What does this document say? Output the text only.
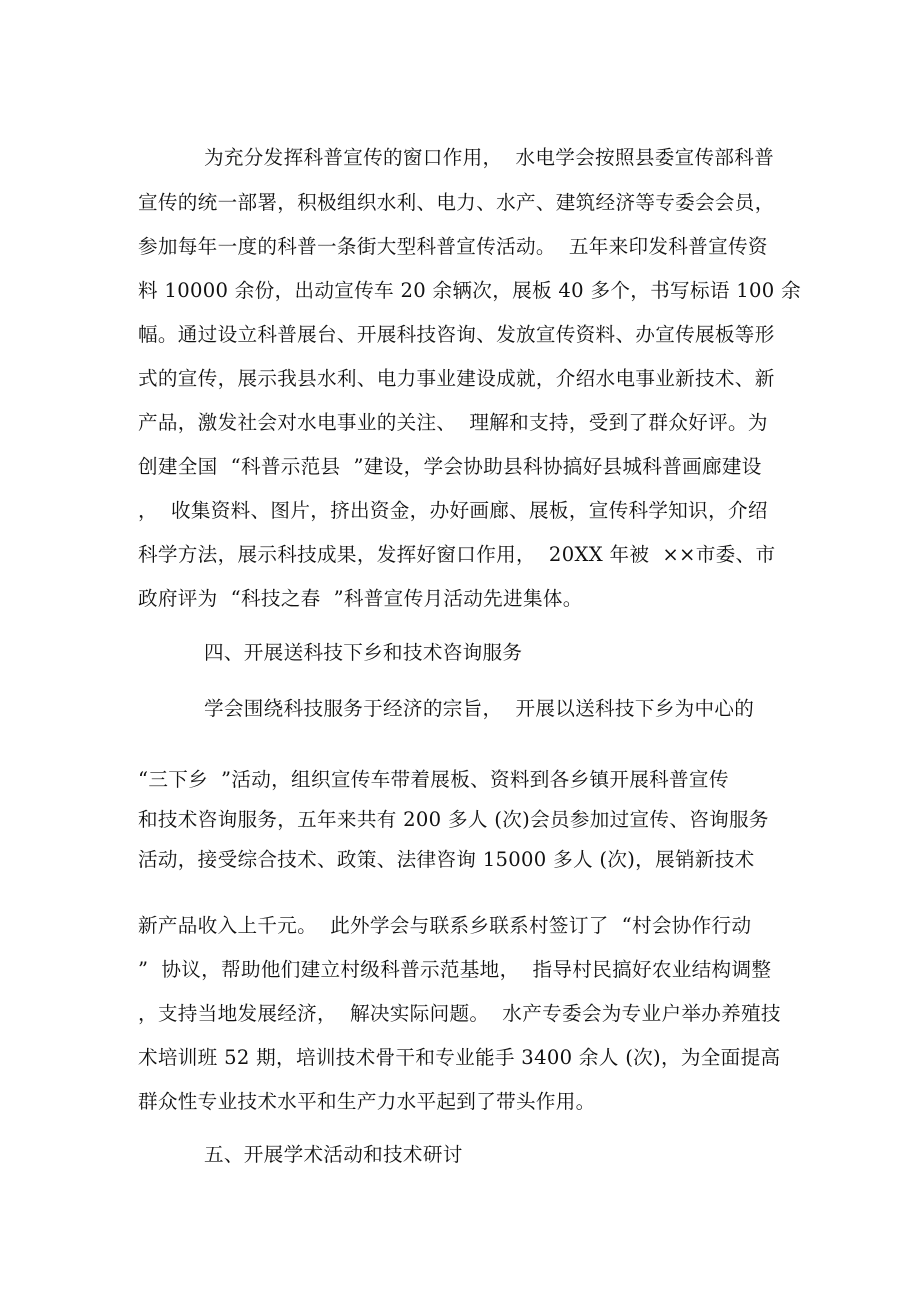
为充分发挥科普宣传的窗口作用，  水电学会按照县委宣传部科普
宣传的统一部署，积极组织水利、电力、水产、建筑经济等专委会会员，
参加每年一度的科普一条街大型科普宣传活动。  五年来印发科普宣传资
料 10000 余份，出动宣传车 20 余辆次，展板 40 多个，书写标语 100 余
幅。通过设立科普展台、开展科技咨询、发放宣传资料、办宣传展板等形
式的宣传，展示我县水利、电力事业建设成就，介绍水电事业新技术、新
产品，激发社会对水电事业的关注、  理解和支持，受到了群众好评。为
创建全国  “科普示范县  ”建设，学会协助县科协搞好县城科普画廊建设
，  收集资料、图片，挤出资金，办好画廊、展板，宣传科学知识，介绍
科学方法，展示科技成果，发挥好窗口作用，  20XX 年被  ××市委、市
政府评为  “科技之春  ”科普宣传月活动先进集体。
四、开展送科技下乡和技术咨询服务
学会围绕科技服务于经济的宗旨，  开展以送科技下乡为中心的
“三下乡  ”活动，组织宣传车带着展板、资料到各乡镇开展科普宣传
和技术咨询服务，五年来共有 200 多人 (次)会员参加过宣传、咨询服务
活动，接受综合技术、政策、法律咨询 15000 多人 (次)，展销新技术
新产品收入上千元。  此外学会与联系乡联系村签订了  “村会协作行动
”  协议，帮助他们建立村级科普示范基地，  指导村民搞好农业结构调整
，支持当地发展经济，  解决实际问题。  水产专委会为专业户举办养殖技
术培训班 52 期，培训技术骨干和专业能手 3400 余人 (次)，为全面提高
群众性专业技术水平和生产力水平起到了带头作用。
五、开展学术活动和技术研讨
